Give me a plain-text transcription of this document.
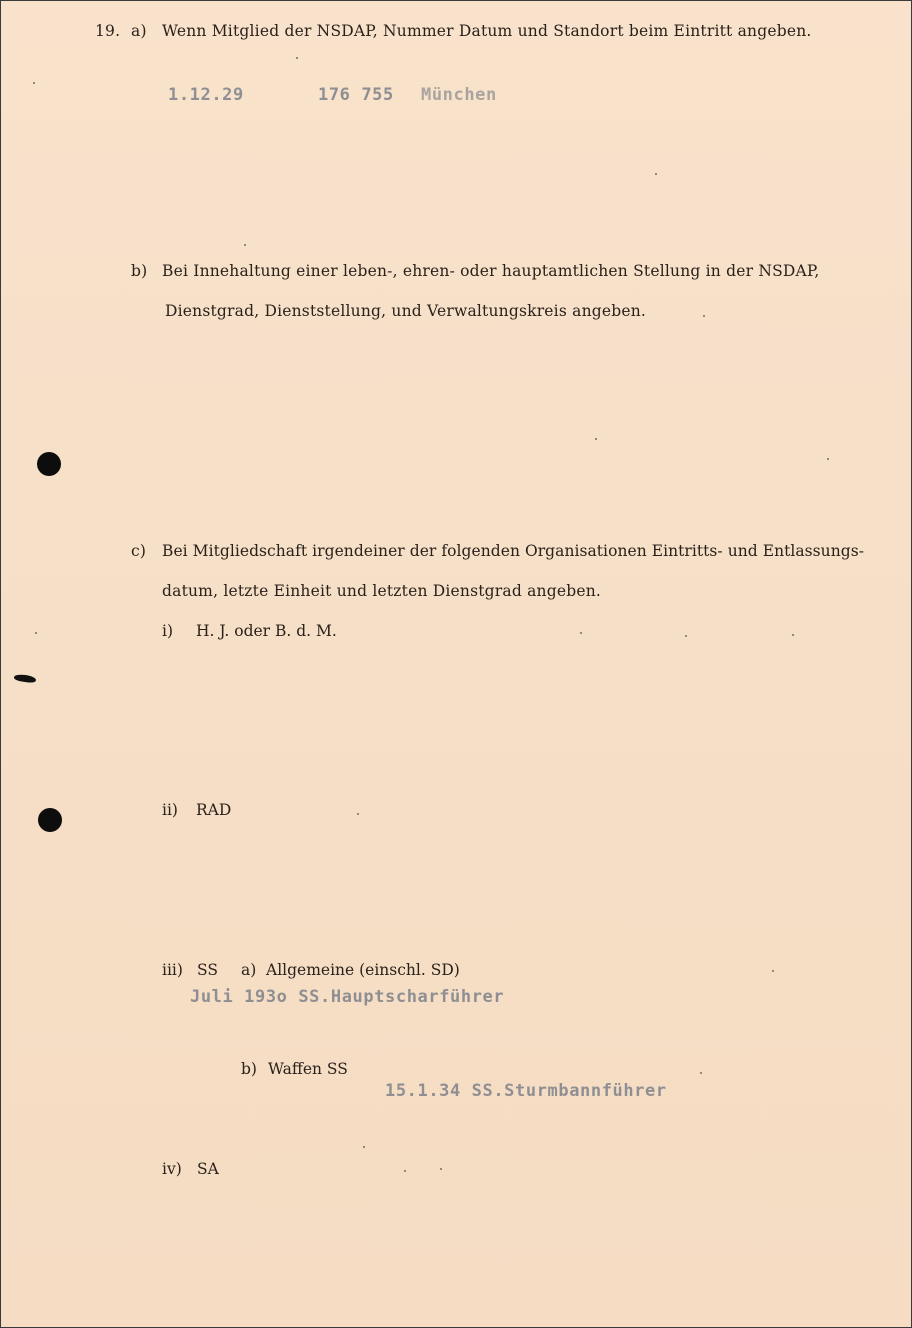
19. a) Wenn Mitglied der NSDAP, Nummer Datum und Standort beim Eintritt angeben.
1.12.29	176 755 München
b) Bei Innehaltung einer leben-, ehren- oder hauptamtlichen Stellung in der NSDAP,
Dienstgrad, Dienststellung, und Verwaltungskreis angeben.
c) Bei Mitgliedschaft irgendeiner der folgenden Organisationen Eintritts- und Entlassungs-
datum, letzte Einheit und letzten Dienstgrad angeben.
i) H. J. oder B. d. M.
ii) RAD
iii) SS a) Allgemeine (einschl. SD)
Juli 193o SS.Hauptscharführer
b) Waffen SS
15.1.34 SS.Sturmbannführer
iv) SA
